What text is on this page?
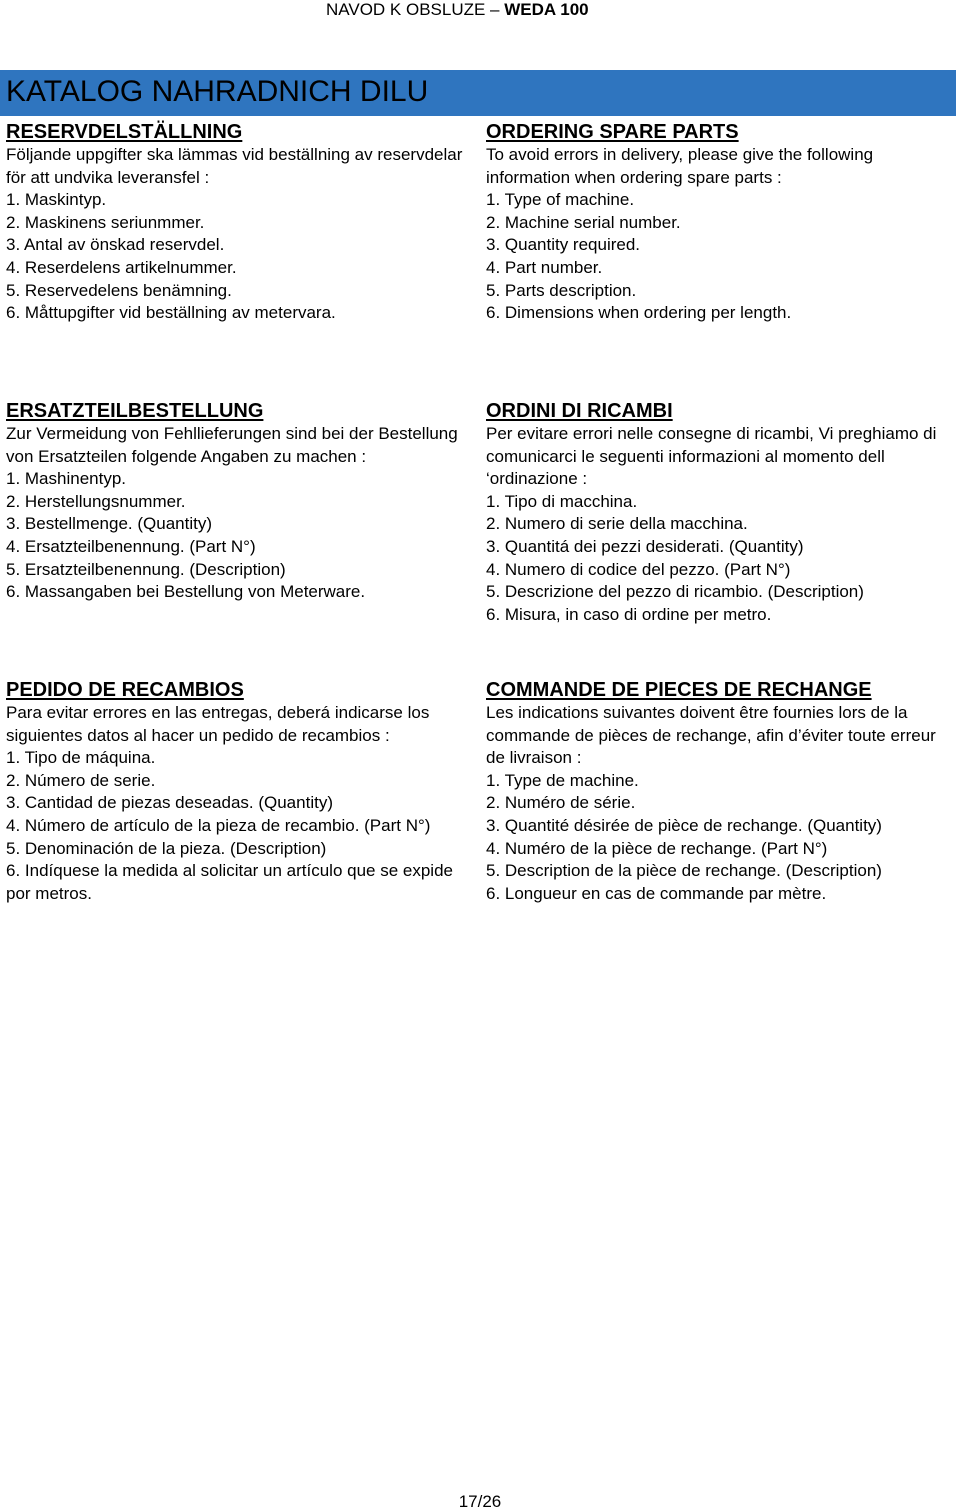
NAVOD K OBSLUZE – WEDA 100
KATALOG NAHRADNICH DILU
RESERVDELSTÄLLNING

Följande uppgifter ska lämmas vid beställning av reservdelar för att undvika leveransfel :

1. Maskintyp.

2. Maskinens seriunmmer.

3. Antal av önskad reservdel.

4. Reserdelens artikelnummer.

5. Reservedelens benämning.

6. Måttupgifter vid beställning av metervara.

ORDERING SPARE PARTS

To avoid errors in delivery, please give the following information when ordering spare parts :

1. Type of machine.

2. Machine serial number.

3. Quantity required.

4. Part number.

5. Parts description.

6. Dimensions when ordering per length.

ERSATZTEILBESTELLUNG

Zur Vermeidung von Fehllieferungen sind bei der Bestellung von Ersatzteilen folgende Angaben zu machen :

1. Mashinentyp.

2. Herstellungsnummer.

3. Bestellmenge. (Quantity)

4. Ersatzteilbenennung. (Part N°)

5. Ersatzteilbenennung. (Description)

6. Massangaben bei Bestellung von Meterware.

ORDINI DI RICAMBI

Per evitare errori nelle consegne di ricambi, Vi preghiamo di comunicarci le seguenti informazioni al momento dell ‘ordinazione :

1. Tipo di macchina.

2. Numero di serie della macchina.

3. Quantitá dei pezzi desiderati. (Quantity)

4. Numero di codice del pezzo. (Part N°)

5. Descrizione del pezzo di ricambio. (Description)

6. Misura, in caso di ordine per metro.

PEDIDO DE RECAMBIOS

Para evitar errores en las entregas, deberá indicarse los siguientes datos al hacer un pedido de recambios :

1. Tipo de máquina.

2. Número de serie.

3. Cantidad de piezas deseadas. (Quantity)

4. Número de artículo de la pieza de recambio. (Part N°)

5. Denominación de la pieza. (Description)

6. Indíquese la medida al solicitar un artículo que se expide por metros.

COMMANDE DE PIECES DE RECHANGE

Les indications suivantes doivent être fournies lors de la commande de pièces de rechange, afin d’éviter toute erreur de livraison :

1. Type de machine.

2. Numéro de série.

3. Quantité désirée de pièce de rechange. (Quantity)

4. Numéro de la pièce de rechange. (Part N°)

5. Description de la pièce de rechange. (Description)

6. Longueur en cas de commande par mètre.

17/26
